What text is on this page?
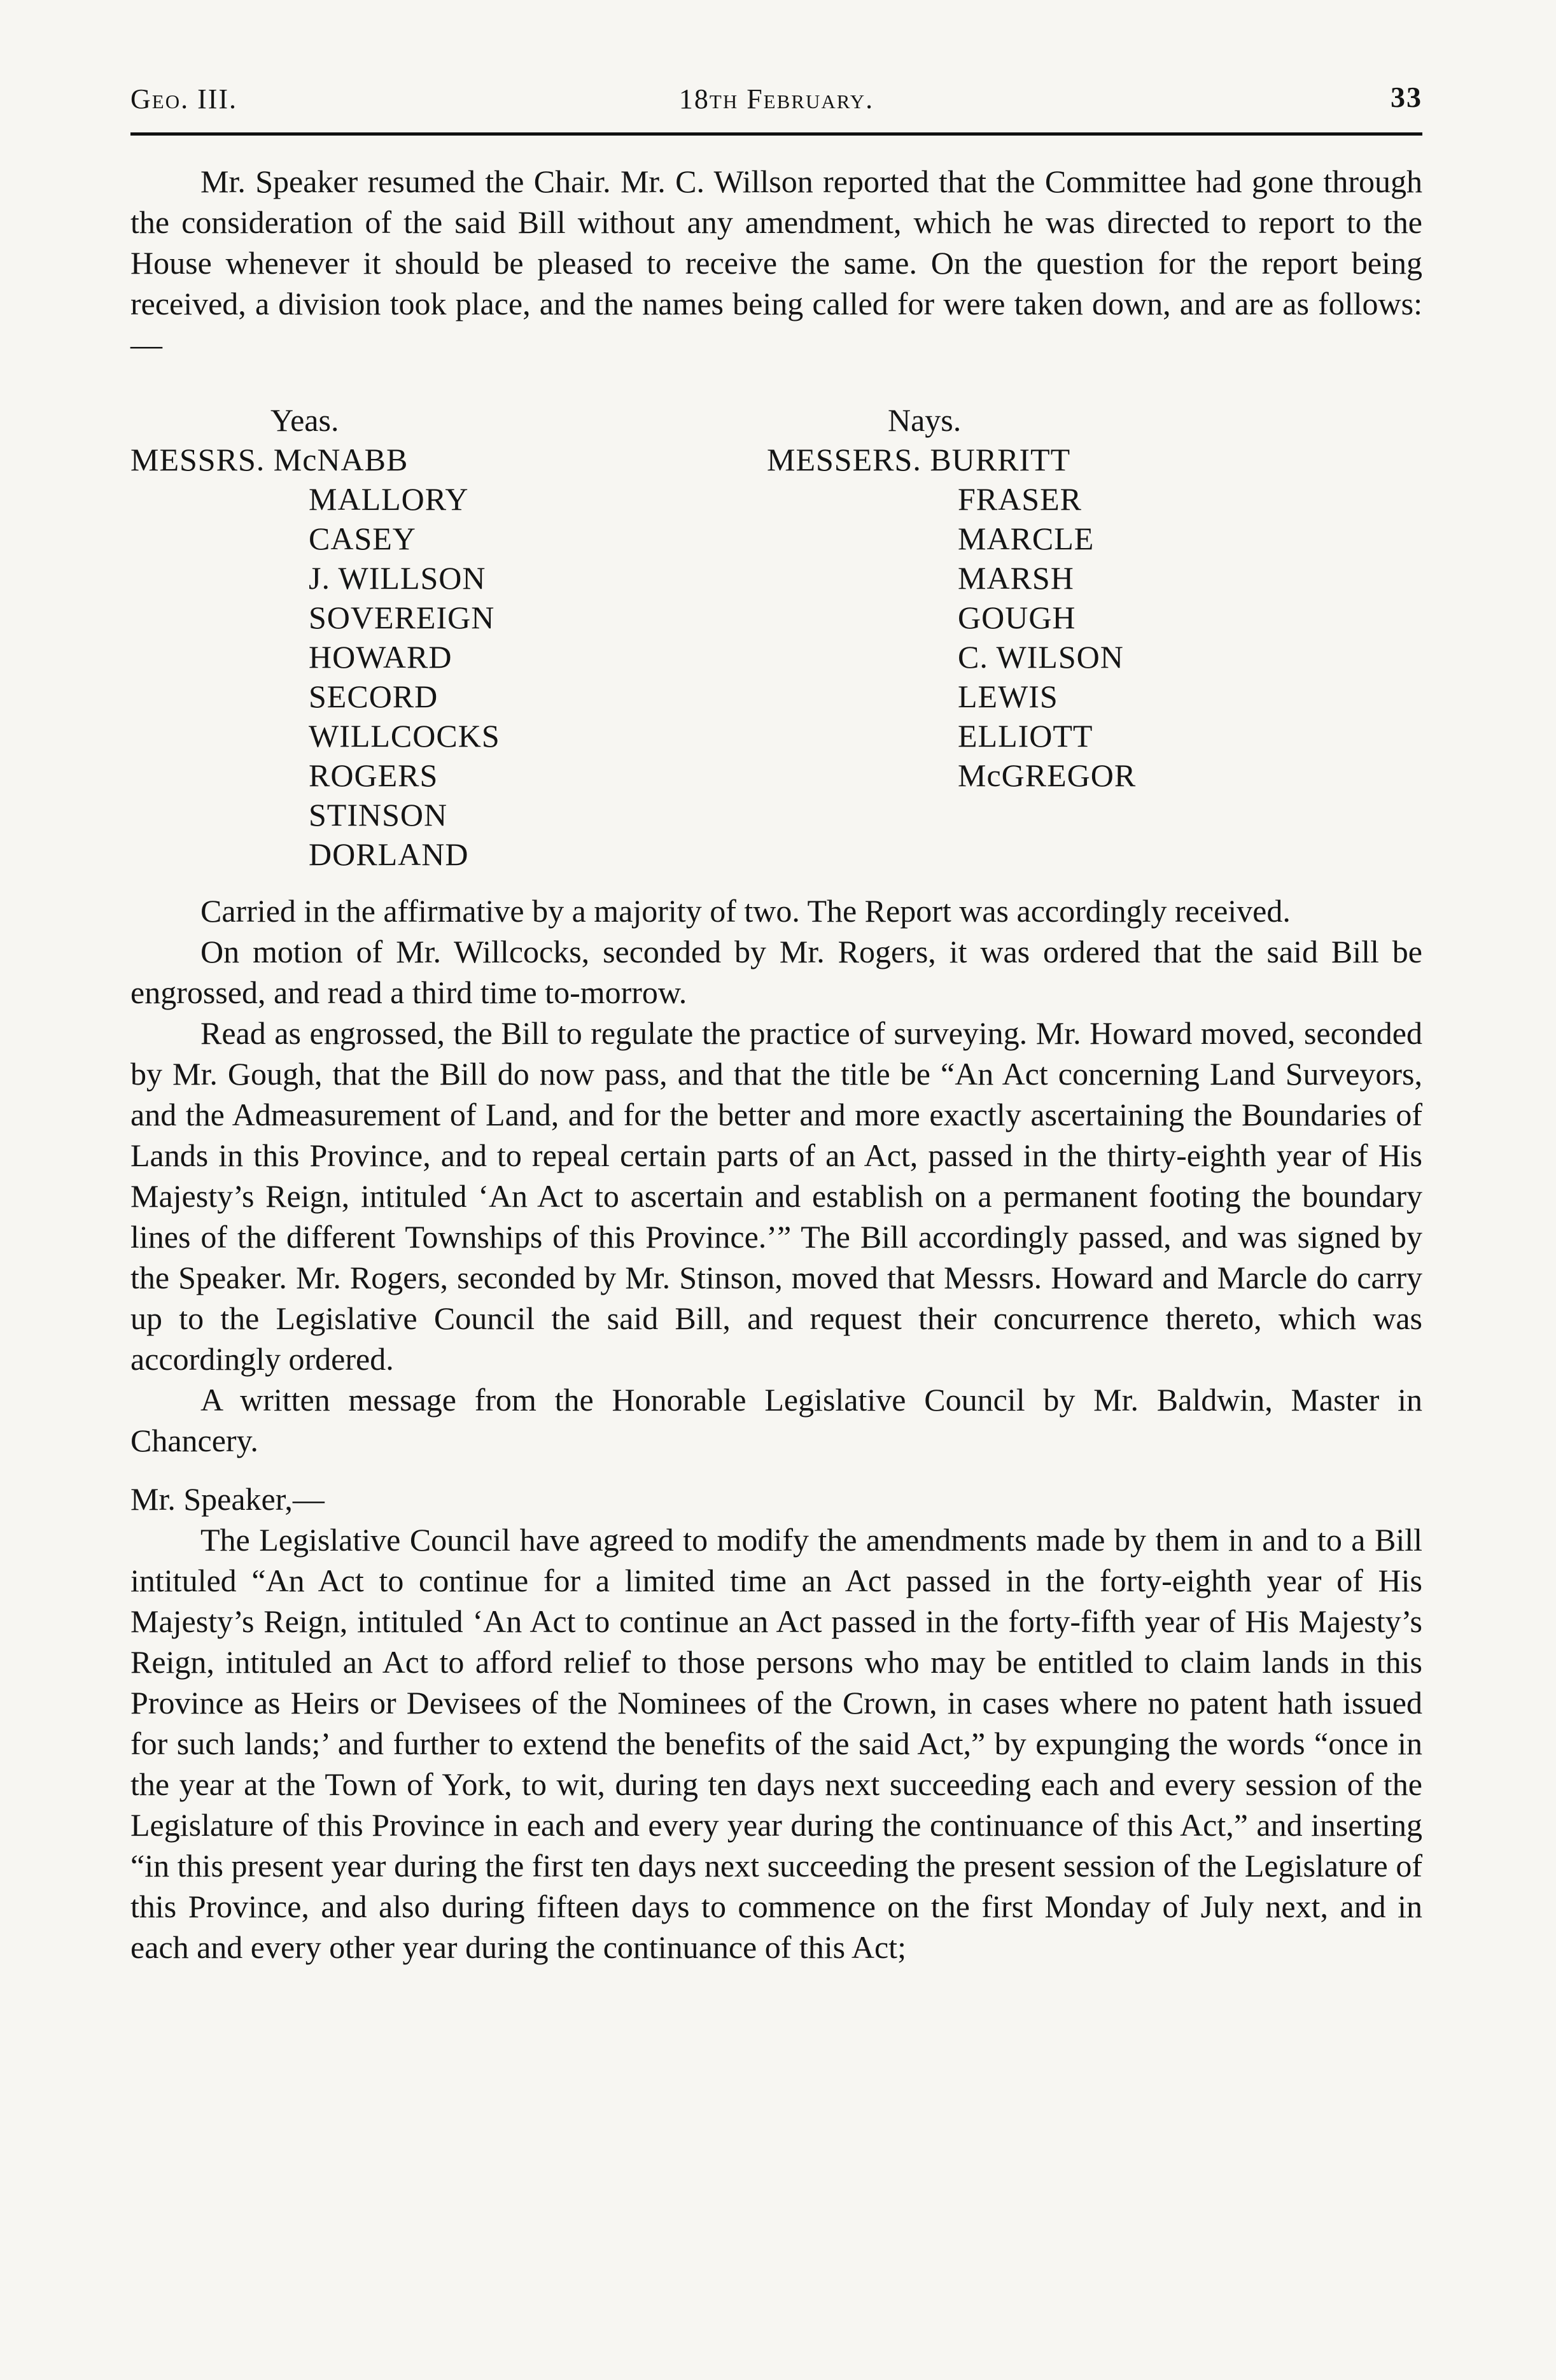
Geo. III.	18th February.	33

Mr. Speaker resumed the Chair. Mr. C. Willson reported that the Committee had gone through the consideration of the said Bill without any amendment, which he was directed to report to the House whenever it should be pleased to receive the same. On the question for the report being received, a division took place, and the names being called for were taken down, and are as follows:—

Yeas.
MESSRS. McNABB
MALLORY
CASEY
J. WILLSON
SOVEREIGN
HOWARD
SECORD
WILLCOCKS
ROGERS
STINSON
DORLAND
Nays.
MESSERS. BURRITT
FRASER
MARCLE
MARSH
GOUGH
C. WILSON
LEWIS
ELLIOTT
McGREGOR

Carried in the affirmative by a majority of two. The Report was accordingly received.

On motion of Mr. Willcocks, seconded by Mr. Rogers, it was ordered that the said Bill be engrossed, and read a third time to-morrow.

Read as engrossed, the Bill to regulate the practice of surveying. Mr. Howard moved, seconded by Mr. Gough, that the Bill do now pass, and that the title be “An Act concerning Land Surveyors, and the Admeasurement of Land, and for the better and more exactly ascertaining the Boundaries of Lands in this Province, and to repeal certain parts of an Act, passed in the thirty-eighth year of His Majesty’s Reign, intituled ‘An Act to ascertain and establish on a permanent footing the boundary lines of the different Townships of this Province.’” The Bill accordingly passed, and was signed by the Speaker. Mr. Rogers, seconded by Mr. Stinson, moved that Messrs. Howard and Marcle do carry up to the Legislative Council the said Bill, and request their concurrence thereto, which was accordingly ordered.

A written message from the Honorable Legislative Council by Mr. Baldwin, Master in Chancery.

Mr. Speaker,—

The Legislative Council have agreed to modify the amendments made by them in and to a Bill intituled “An Act to continue for a limited time an Act passed in the forty-eighth year of His Majesty’s Reign, intituled ‘An Act to continue an Act passed in the forty-fifth year of His Majesty’s Reign, intituled an Act to afford relief to those persons who may be entitled to claim lands in this Province as Heirs or Devisees of the Nominees of the Crown, in cases where no patent hath issued for such lands;’ and further to extend the benefits of the said Act,” by expunging the words “once in the year at the Town of York, to wit, during ten days next succeeding each and every session of the Legislature of this Province in each and every year during the continuance of this Act,” and inserting “in this present year during the first ten days next succeeding the present session of the Legislature of this Province, and also during fifteen days to commence on the first Monday of July next, and in each and every other year during the continuance of this Act;
